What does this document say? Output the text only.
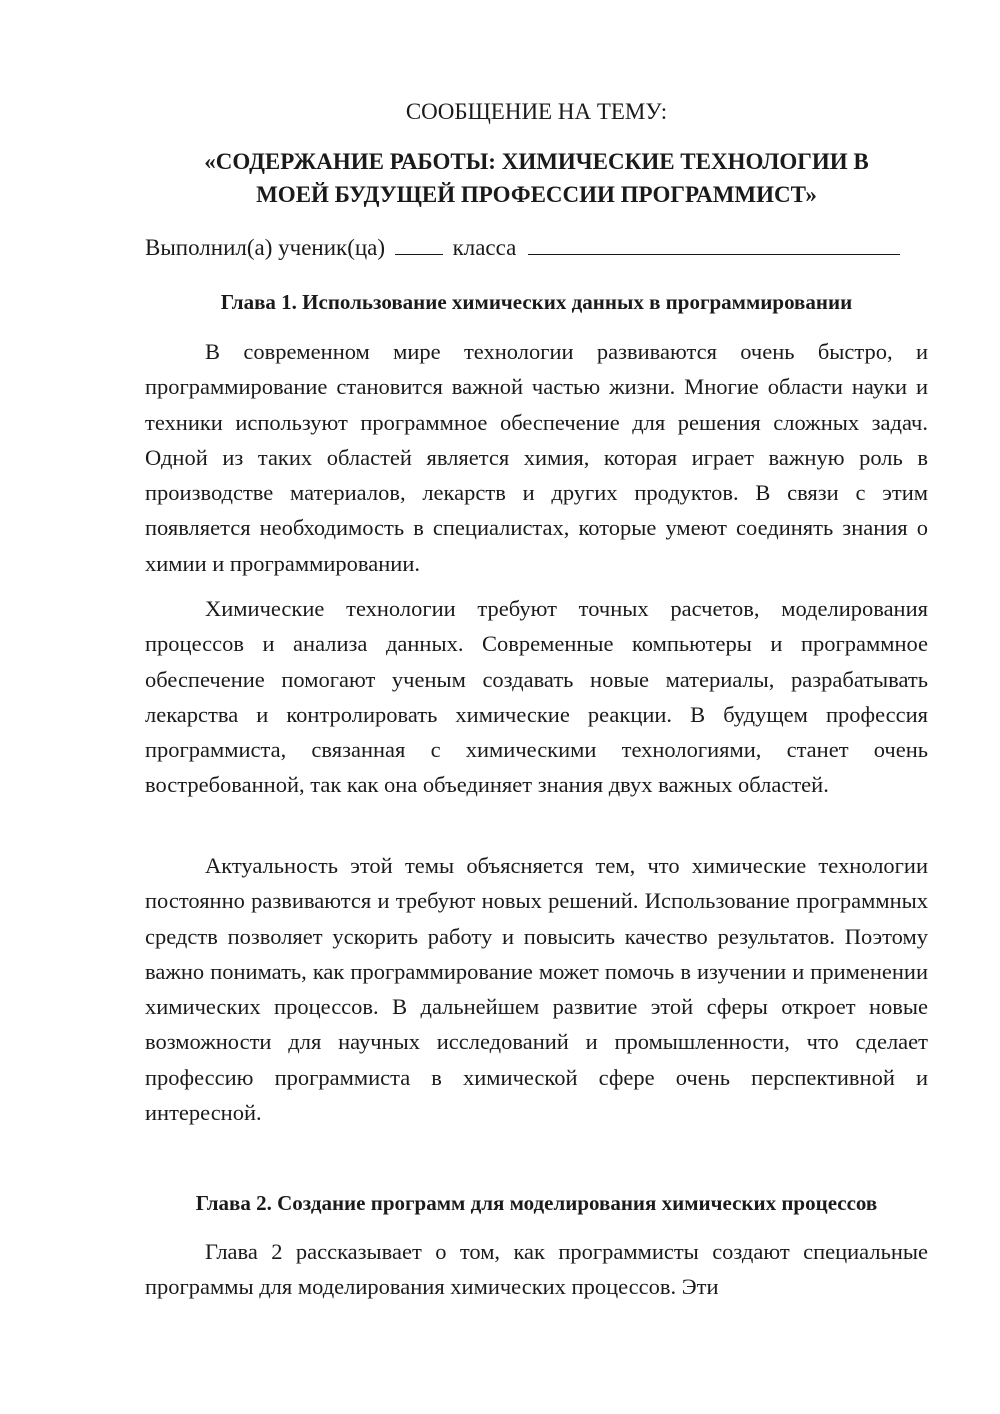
СООБЩЕНИЕ НА ТЕМУ:

«СОДЕРЖАНИЕ РАБОТЫ: ХИМИЧЕСКИЕ ТЕХНОЛОГИИ В
МОЕЙ БУДУЩЕЙ ПРОФЕССИИ ПРОГРАММИСТ»

Выполнил(а) ученик(ца)	класса
Глава 1. Использование химических данных в программировании

В современном мире технологии развиваются очень быстро, и программирование становится важной частью жизни. Многие области науки и техники используют программное обеспечение для решения сложных задач. Одной из таких областей является химия, которая играет важную роль в производстве материалов, лекарств и других продуктов. В связи с этим появляется необходимость в специалистах, которые умеют соединять знания о химии и программировании.

Химические технологии требуют точных расчетов, моделирования процессов и анализа данных. Современные компьютеры и программное обеспечение помогают ученым создавать новые материалы, разрабатывать лекарства и контролировать химические реакции. В будущем профессия программиста, связанная с химическими технологиями, станет очень востребованной, так как она объединяет знания двух важных областей.

Актуальность этой темы объясняется тем, что химические технологии постоянно развиваются и требуют новых решений. Использование программных средств позволяет ускорить работу и повысить качество результатов. Поэтому важно понимать, как программирование может помочь в изучении и применении химических процессов. В дальнейшем развитие этой сферы откроет новые возможности для научных исследований и промышленности, что сделает профессию программиста в химической сфере очень перспективной и интересной.

Глава 2. Создание программ для моделирования химических процессов

Глава 2 рассказывает о том, как программисты создают специальные программы для моделирования химических процессов. Эти
